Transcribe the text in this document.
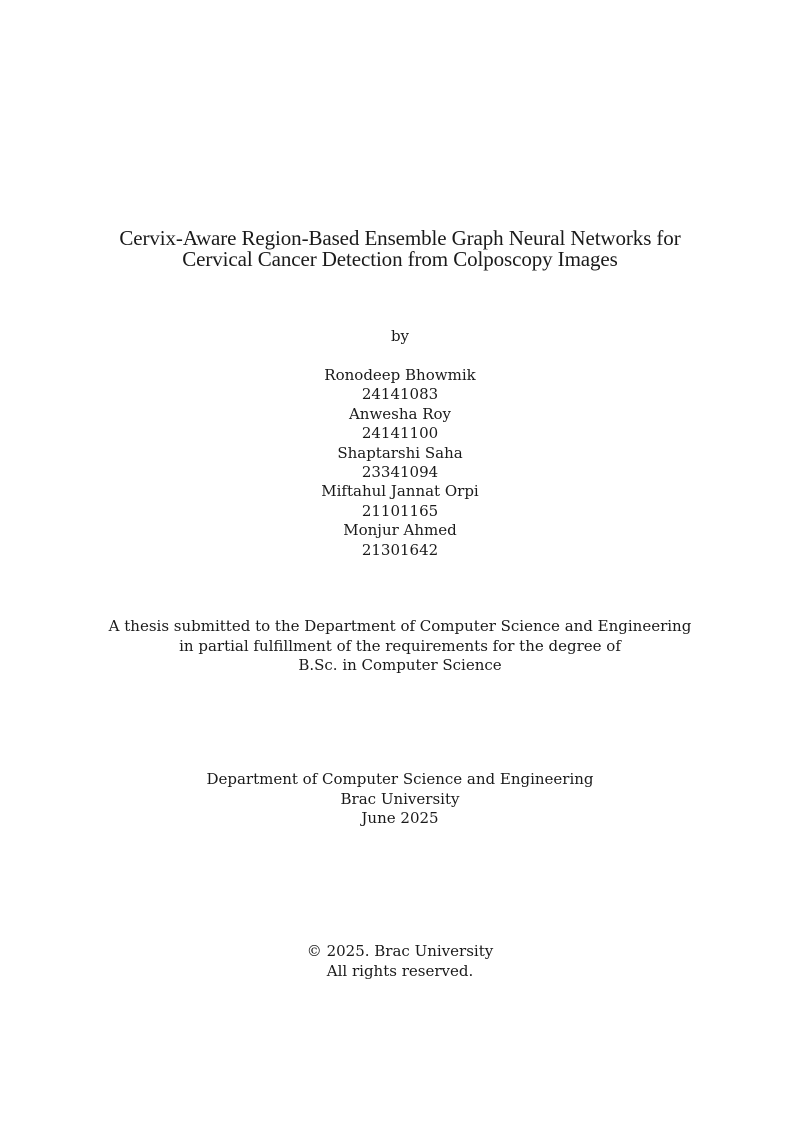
Cervix-Aware Region-Based Ensemble Graph Neural Networks for
Cervical Cancer Detection from Colposcopy Images
by
Ronodeep Bhowmik
24141083
Anwesha Roy
24141100
Shaptarshi Saha
23341094
Miftahul Jannat Orpi
21101165
Monjur Ahmed
21301642
A thesis submitted to the Department of Computer Science and Engineering
in partial fulfillment of the requirements for the degree of
B.Sc. in Computer Science
Department of Computer Science and Engineering
Brac University
June 2025
© 2025. Brac University
All rights reserved.
